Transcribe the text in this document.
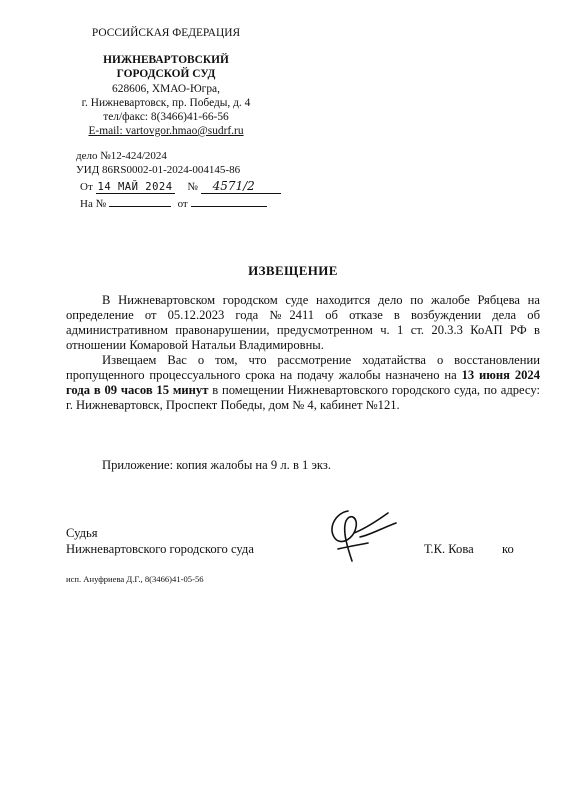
РОССИЙСКАЯ ФЕДЕРАЦИЯ
НИЖНЕВАРТОВСКИЙ
ГОРОДСКОЙ СУД
628606, ХМАО-Югра,
г. Нижневартовск, пр. Победы, д. 4
тел/факс: 8(3466)41-66-56
E-mail: vartovgor.hmao@sudrf.ru
дело №12-424/2024
УИД 86RS0002-01-2024-004145-86
От 14 МАЙ 2024 № 4571/2
На №	от
ИЗВЕЩЕНИЕ

В Нижневартовском городском суде находится дело по жалобе Рябцева на определение от 05.12.2023 года №2411 об отказе в возбуждении дела об административном правонарушении, предусмотренном ч. 1 ст. 20.3.3 КоАП РФ в отношении Комаровой Натальи Владимировны.

Извещаем Вас о том, что рассмотрение ходатайства о восстановлении пропущенного процессуального срока на подачу жалобы назначено на 13 июня 2024 года в 09 часов 15 минут в помещении Нижневартовского городского суда, по адресу: г. Нижневартовск, Проспект Победы, дом № 4, кабинет №121.

Приложение: копия жалобы на 9 л. в 1 экз.
Судья
Нижневартовского городского суда	Т.К. Кова ко
исп. Ануфриева Д.Г., 8(3466)41-05-56
